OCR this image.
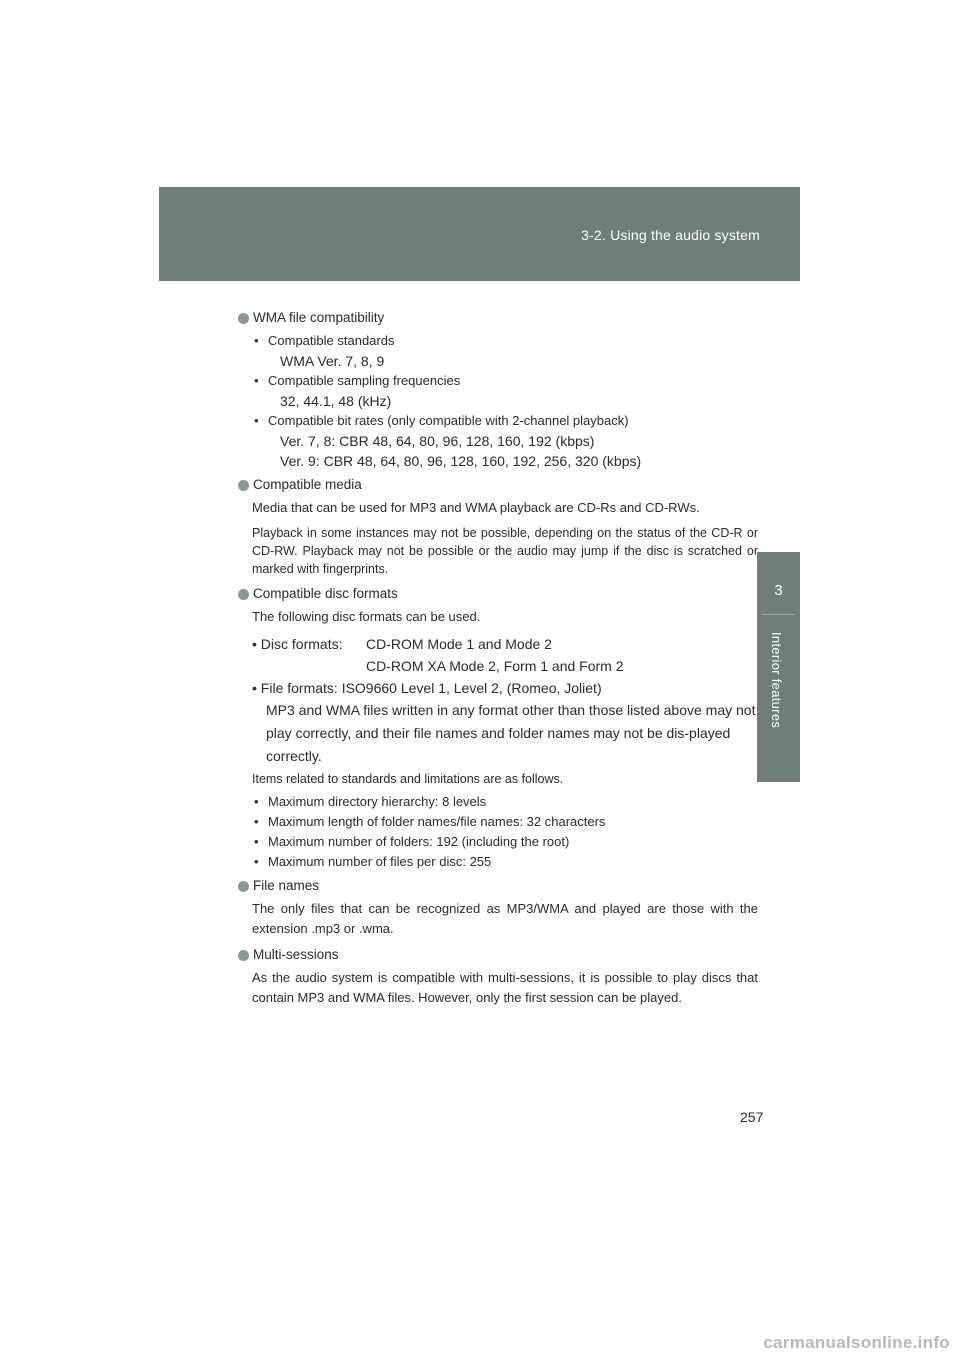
3-2. Using the audio system
3
Interior features
WMA file compatibility
• Compatible standards
WMA Ver. 7, 8, 9
• Compatible sampling frequencies
32, 44.1, 48 (kHz)
• Compatible bit rates (only compatible with 2-channel playback)
Ver. 7, 8: CBR 48, 64, 80, 96, 128, 160, 192 (kbps)
Ver. 9: CBR 48, 64, 80, 96, 128, 160, 192, 256, 320 (kbps)
Compatible media
Media that can be used for MP3 and WMA playback are CD-Rs and CD-RWs.
Playback in some instances may not be possible, depending on the status of the CD-R or CD-RW. Playback may not be possible or the audio may jump if the disc is scratched or marked with fingerprints.
Compatible disc formats
The following disc formats can be used.
• Disc formats:	CD-ROM Mode 1 and Mode 2
CD-ROM XA Mode 2, Form 1 and Form 2
• File formats: ISO9660 Level 1, Level 2, (Romeo, Joliet)
MP3 and WMA files written in any format other than those listed above may not play correctly, and their file names and folder names may not be dis-played correctly.
Items related to standards and limitations are as follows.
• Maximum directory hierarchy: 8 levels
• Maximum length of folder names/file names: 32 characters
• Maximum number of folders: 192 (including the root)
• Maximum number of files per disc: 255
File names
The only files that can be recognized as MP3/WMA and played are those with the extension .mp3 or .wma.
Multi-sessions
As the audio system is compatible with multi-sessions, it is possible to play discs that contain MP3 and WMA files. However, only the first session can be played.
257
carmanualsonline.info
